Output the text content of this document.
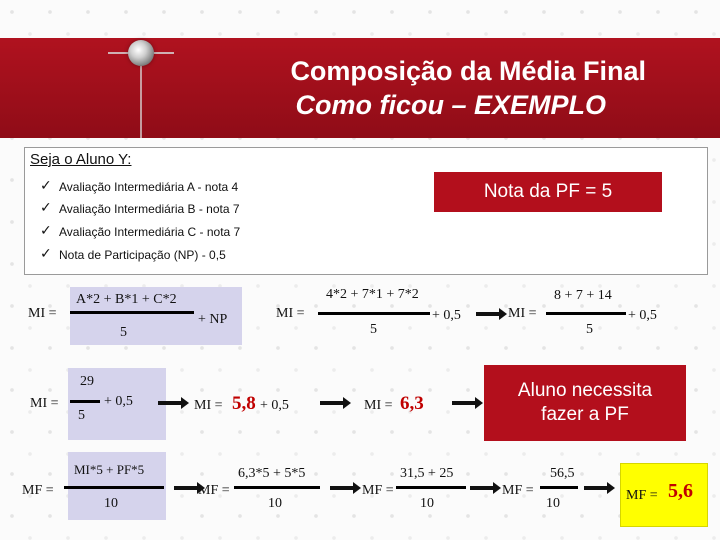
Composição da Média Final
Como ficou – EXEMPLO
Seja o Aluno Y:
✓ Avaliação Intermediária A - nota 4
✓ Avaliação Intermediária B - nota 7
✓ Avaliação Intermediária C - nota 7
✓ Nota de Participação (NP) - 0,5
Nota da PF = 5
MI =
A*2 + B*1 + C*2
5
+ NP	MI =
4*2 + 7*1 + 7*2
5
+ 0,5	MI =
8 + 7 + 14
5
+ 0,5
MI =
29
5
+ 0,5	MI = 5,8 + 0,5	MI = 6,3
Aluno necessita
fazer a PF
MF =
MI*5 + PF*5
10
MF =
6,3*5 + 5*5
10
MF =
31,5 + 25
10
MF =
56,5
10
MF = 5,6
